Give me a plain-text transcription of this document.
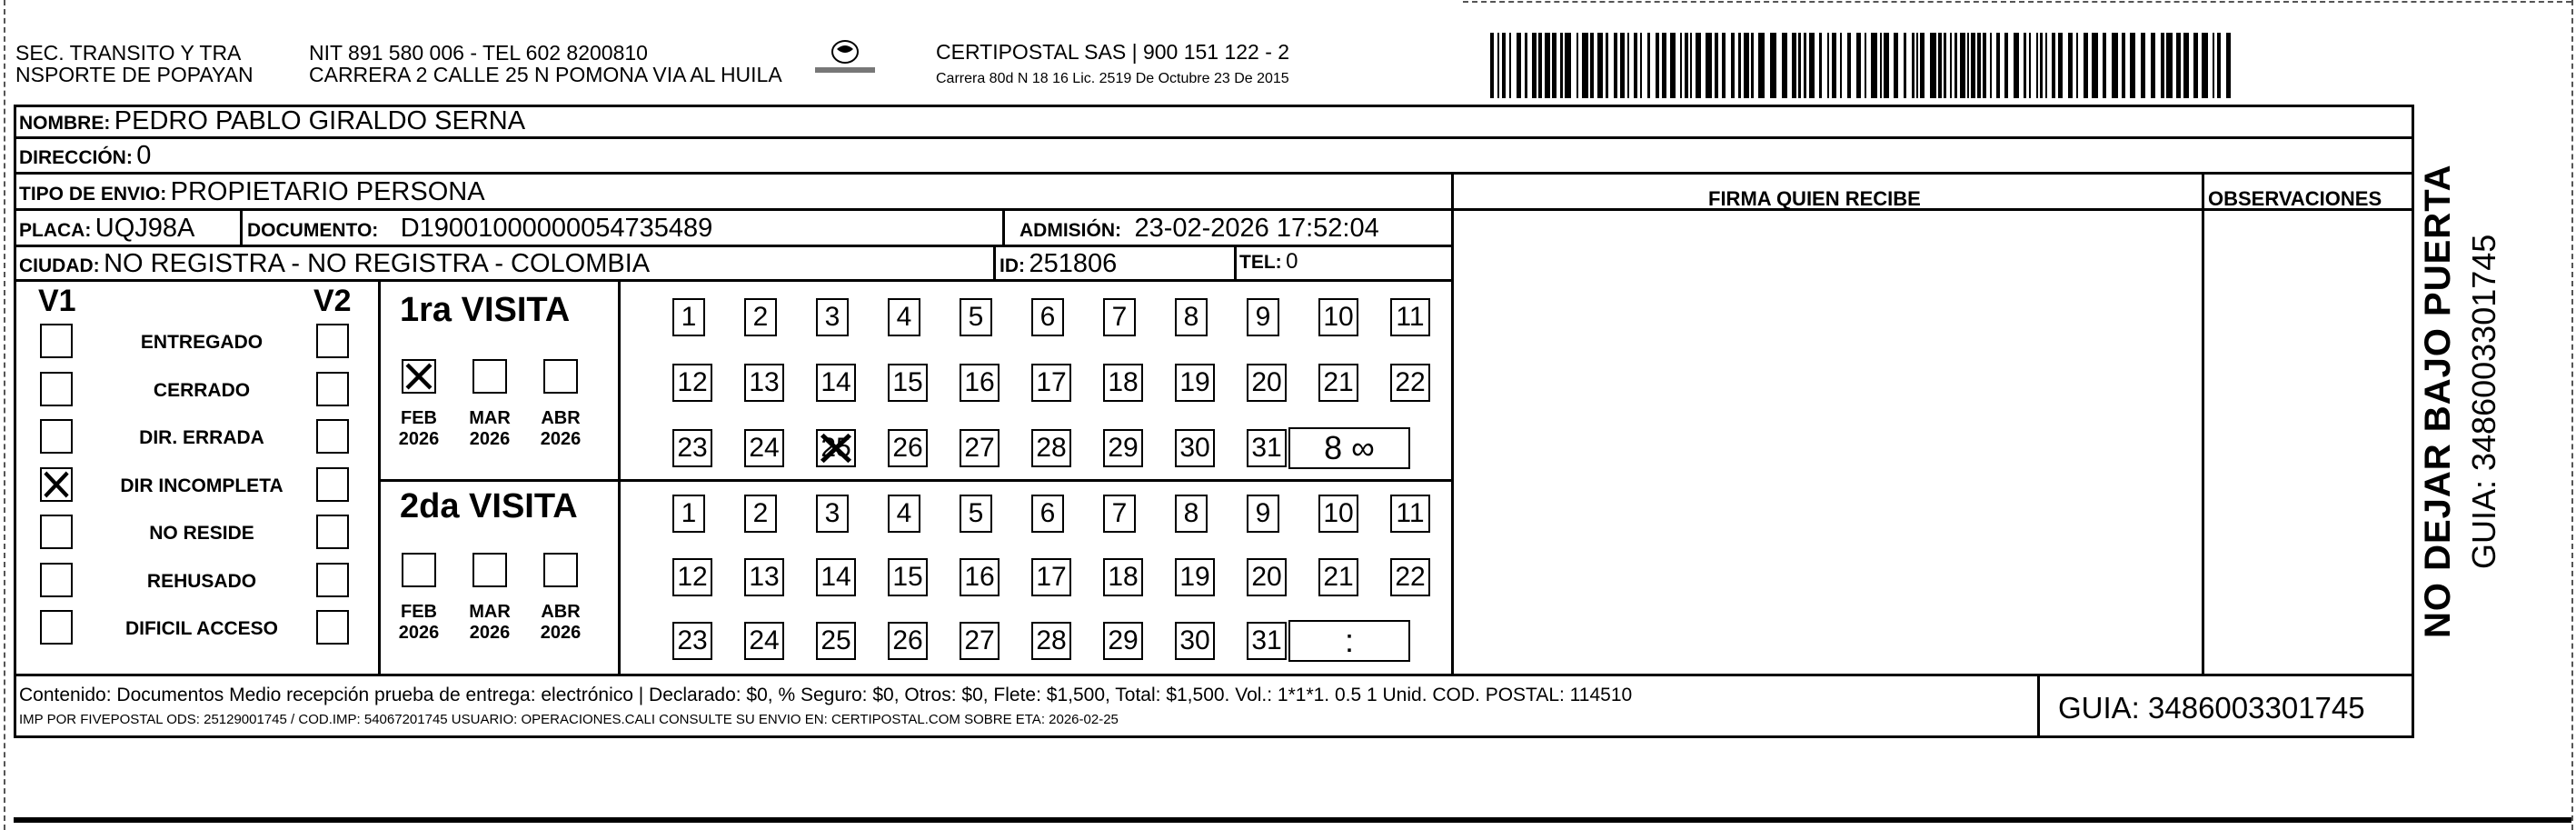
SEC. TRANSITO Y TRA
NSPORTE DE POPAYAN
NIT 891 580 006 - TEL 602 8200810
CARRERA 2 CALLE 25 N POMONA VIA AL HUILA
CERTIPOSTAL SAS | 900 151 122 - 2
Carrera 80d N 18 16 Lic. 2519 De Octubre 23 De 2015
NOMBRE: PEDRO PABLO GIRALDO SERNA
DIRECCIÓN: 0
TIPO DE ENVIO: PROPIETARIO PERSONA	FIRMA QUIEN RECIBE	OBSERVACIONES
PLACA: UQJ98A	DOCUMENTO: D19001000000054735489	ADMISIÓN: 23-02-2026 17:52:04
CIUDAD: NO REGISTRA - NO REGISTRA - COLOMBIA	ID: 251806	TEL: 0
V1	V2 1ra VISITA
2da VISITA
Contenido: Documentos Medio recepción prueba de entrega: electrónico | Declarado: $0, % Seguro: $0, Otros: $0, Flete: $1,500, Total: $1,500. Vol.: 1*1*1. 0.5 1 Unid. COD. POSTAL: 114510
IMP POR FIVEPOSTAL ODS: 25129001745 / COD.IMP: 54067201745 USUARIO: OPERACIONES.CALI CONSULTE SU ENVIO EN: CERTIPOSTAL.COM SOBRE ETA: 2026-02-25	GUIA: 3486003301745
NO DEJAR BAJO PUERTA GUIA: 3486003301745
ENTREGADO
CERRADO
DIR. ERRADA
DIR INCOMPLETA
NO RESIDE
REHUSADO
DIFICIL ACCESO
FEB
2026
MAR
2026
ABR
2026
FEB
2026
MAR
2026
ABR
2026
1	2	3	4	5	6	7	8	9	10 11
12 13 14 15 16 17 18 19 20 21 22
23 24 25 26 27 28 29 30 31	8 ∞
1	2	3	4	5	6	7	8	9	10 11
12 13 14 15 16 17 18 19 20 21 22
23 24 25 26 27 28 29 30 31	:
